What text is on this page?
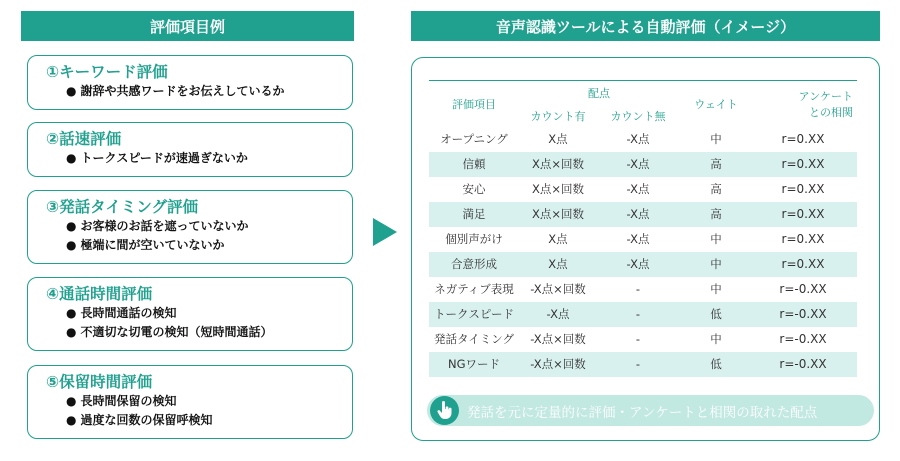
評価項目例	音声認識ツールによる自動評価（イメージ）
①キーワード評価
● 謝辞や共感ワードをお伝えしているか
②話速評価
● トークスピードが速過ぎないか
③発話タイミング評価
● お客様のお話を遮っていないか
● 極端に間が空いていないか
④通話時間評価
● 長時間通話の検知
● 不適切な切電の検知（短時間通話）
⑤保留時間評価
● 長時間保留の検知
● 過度な回数の保留呼検知
評価項目	配点		ウェイト	アンケート
との相関
	カウント有	カウント無		
オープニング	X点	-X点	中	r=0.XX
信頼	X点×回数	-X点	高	r=0.XX
安心	X点×回数	-X点	高	r=0.XX
満足	X点×回数	-X点	高	r=0.XX
個別声がけ	X点	-X点	中	r=0.XX
合意形成	X点	-X点	中	r=0.XX
ネガティブ表現	-X点×回数	-	中	r=-0.XX
トークスピード	-X点	-	低	r=-0.XX
発話タイミング	-X点×回数	-	中	r=-0.XX
NGワード	-X点×回数	-	低	r=-0.XX
発話を元に定量的に評価・アンケートと相関の取れた配点
